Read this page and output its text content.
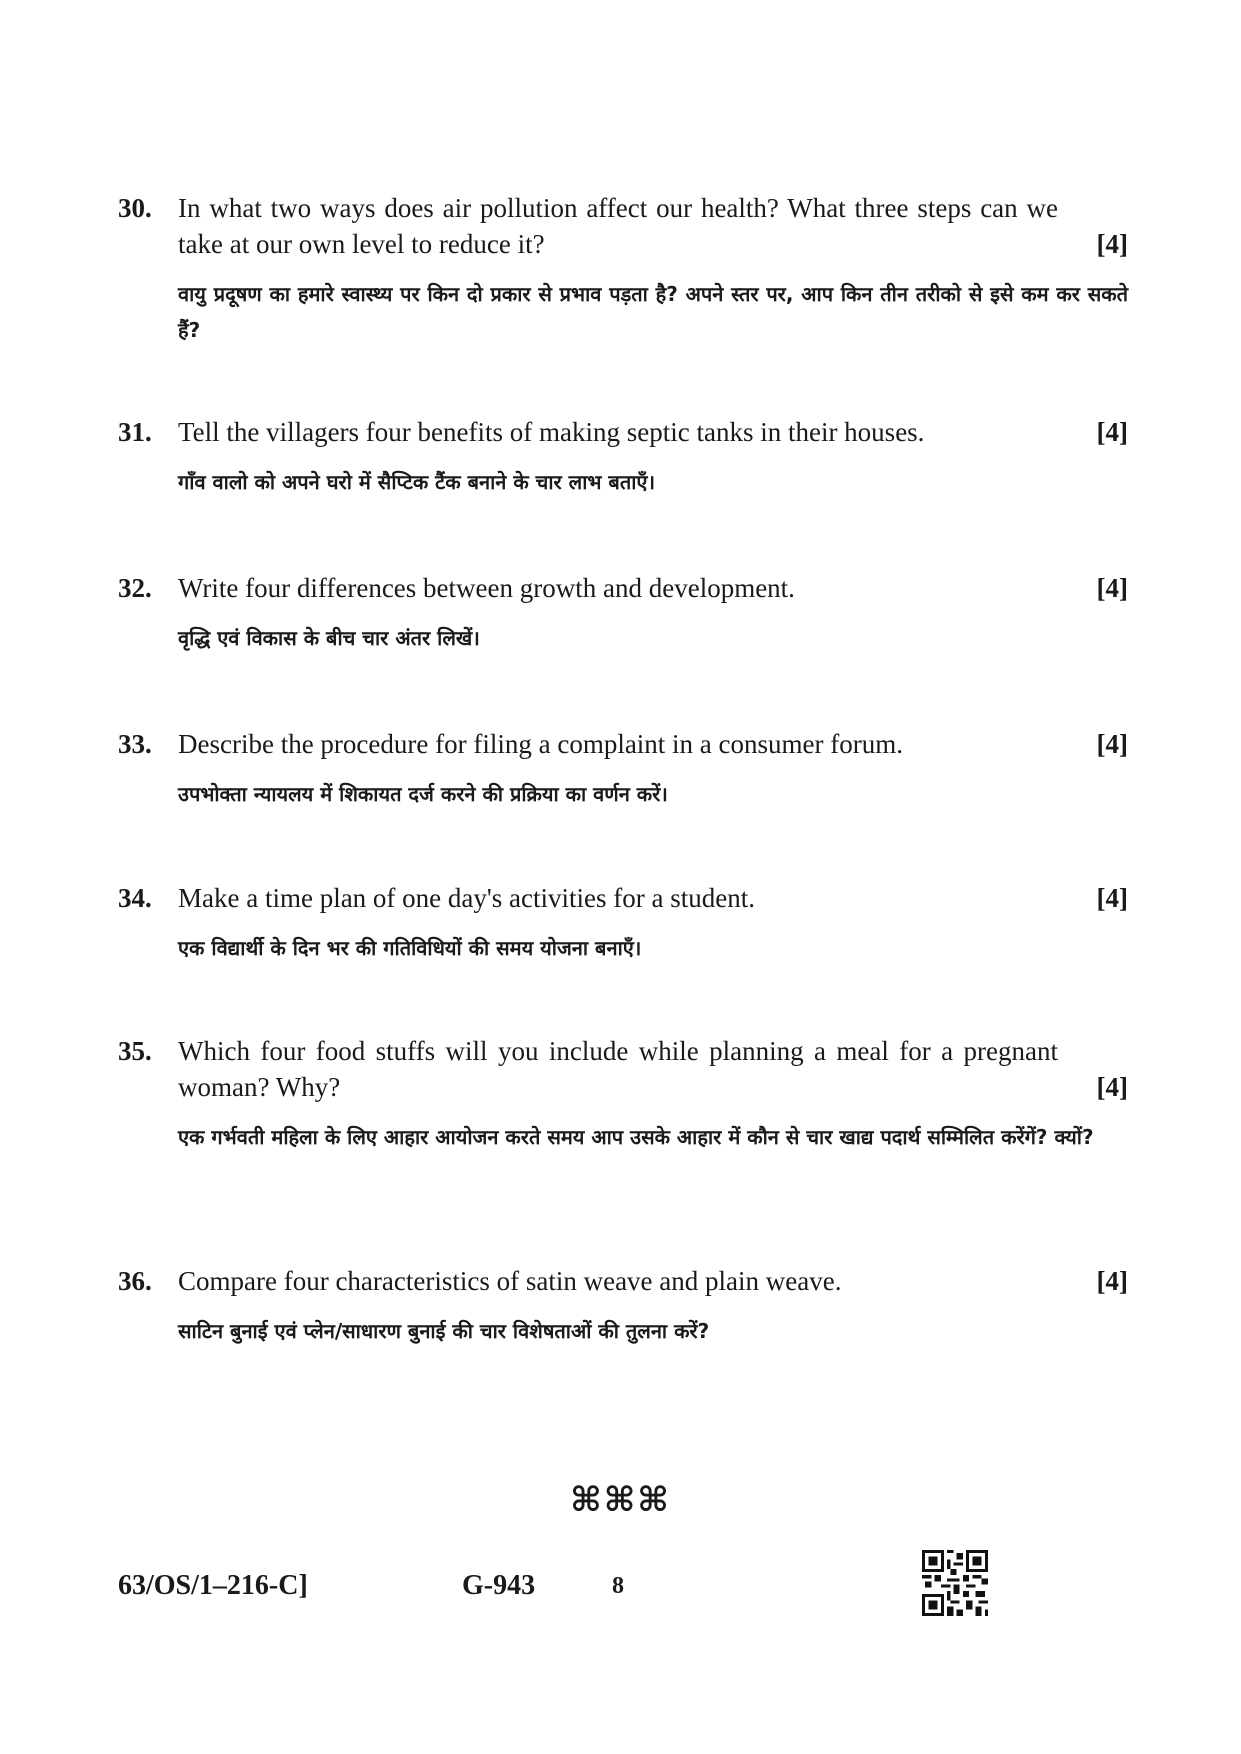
30. In what two ways does air pollution affect our health? What three steps can we take at our own level to reduce it?	[4]
वायु प्रदूषण का हमारे स्वास्थ्य पर किन दो प्रकार से प्रभाव पड़ता है? अपने स्तर पर, आप किन तीन तरीको से इसे कम कर सकते हैं?
31. Tell the villagers four benefits of making septic tanks in their houses.	[4]
गाँव वालो को अपने घरो में सैप्टिक टैंक बनाने के चार लाभ बताएँ।
32. Write four differences between growth and development.	[4]
वृद्धि एवं विकास के बीच चार अंतर लिखें।
33. Describe the procedure for filing a complaint in a consumer forum.	[4]
उपभोक्ता न्यायलय में शिकायत दर्ज करने की प्रक्रिया का वर्णन करें।
34. Make a time plan of one day's activities for a student.	[4]
एक विद्यार्थी के दिन भर की गतिविधियों की समय योजना बनाएँ।
35. Which four food stuffs will you include while planning a meal for a pregnant woman? Why?	[4]
एक गर्भवती महिला के लिए आहार आयोजन करते समय आप उसके आहार में कौन से चार खाद्य पदार्थ सम्मिलित करेंगें? क्यों?
36. Compare four characteristics of satin weave and plain weave.	[4]
साटिन बुनाई एवं प्लेन/साधारण बुनाई की चार विशेषताओं की तुलना करें?
⌘⌘⌘
63/OS/1–216-C]	G-943	8
